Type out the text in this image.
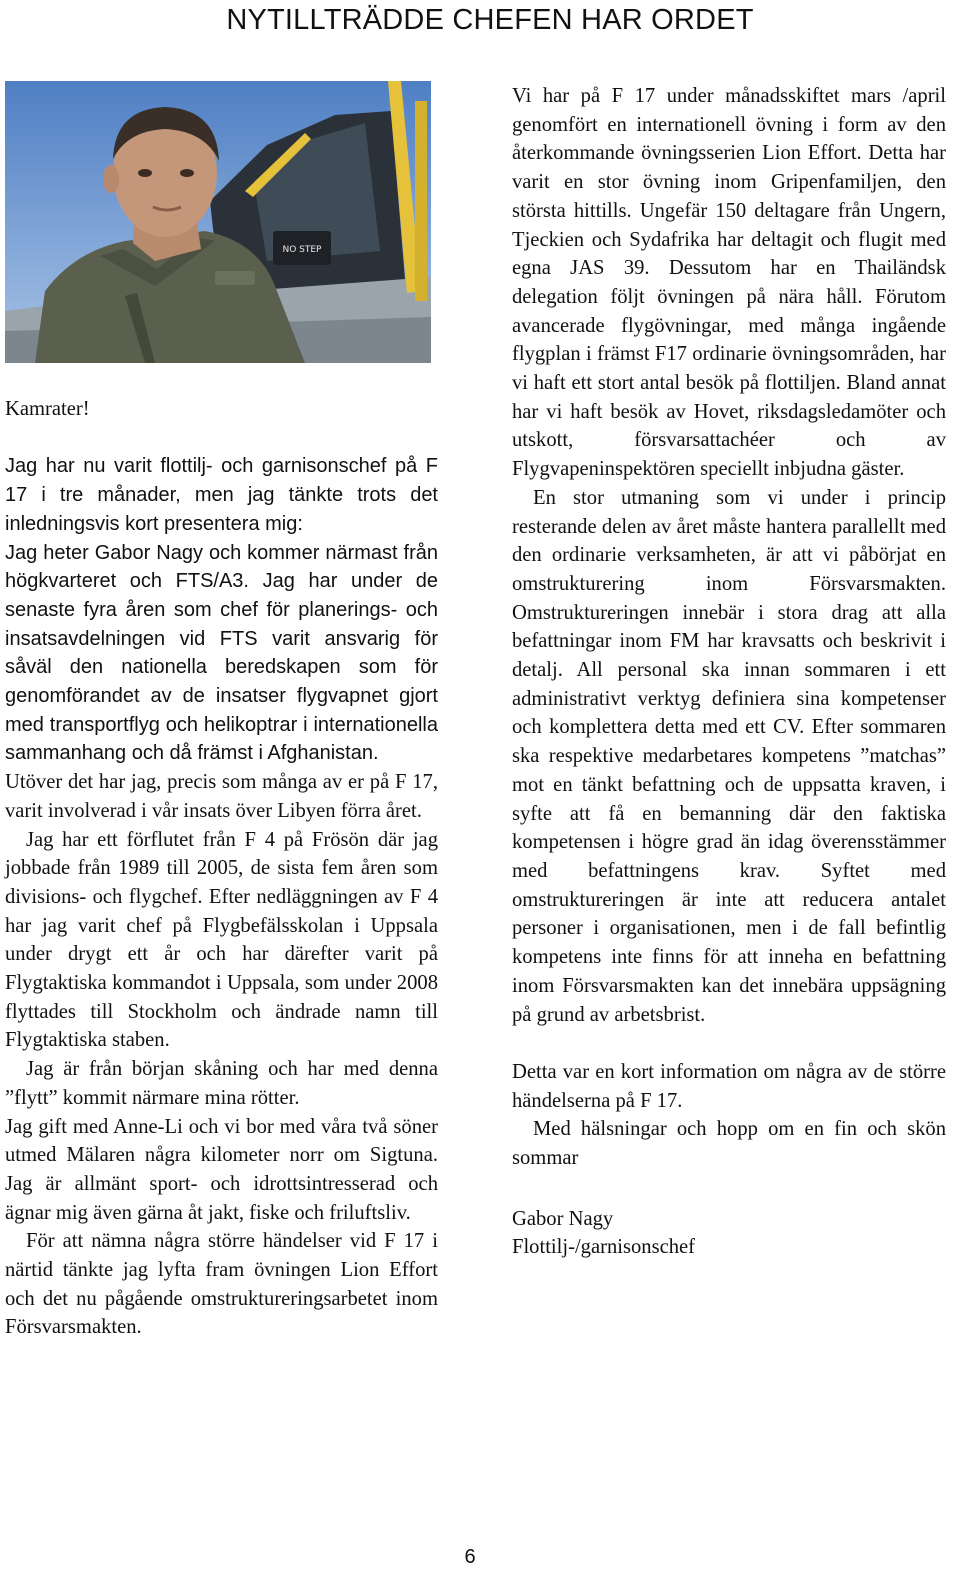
NYTILLTRÄDDE CHEFEN HAR ORDET
NO STEP

Kamrater!

Jag har nu varit flottilj- och garnisonschef på F 17 i tre månader, men jag tänkte trots det inledningsvis kort presentera mig:

Jag heter Gabor Nagy och kommer närmast från högkvarteret och FTS/A3. Jag har under de senaste fyra åren som chef för planerings- och insatsavdelningen vid FTS varit ansvarig för såväl den nationella beredskapen som för genomförandet av de insatser flygvapnet gjort med transportflyg och helikoptrar i internationella sammanhang och då främst i Afghanistan.

Utöver det har jag, precis som många av er på F 17, varit involverad i vår insats över Libyen förra året.

Jag har ett förflutet från F 4 på Frösön där jag jobbade från 1989 till 2005, de sista fem åren som divisions- och flygchef. Efter nedläggningen av F 4 har jag varit chef på Flygbefälsskolan i Uppsala under drygt ett år och har därefter varit på Flygtaktiska kommandot i Uppsala, som under 2008 flyttades till Stockholm och ändrade namn till Flygtaktiska staben.

Jag är från början skåning och har med denna ”flytt” kommit närmare mina rötter.

Jag gift med Anne-Li och vi bor med våra två söner utmed Mälaren några kilometer norr om Sigtuna. Jag är allmänt sport- och idrottsintresserad och ägnar mig även gärna åt jakt, fiske och friluftsliv.

För att nämna några större händelser vid F 17 i närtid tänkte jag lyfta fram övningen Lion Effort och det nu pågående omstruktureringsarbetet inom Försvarsmakten.

Vi har på F 17 under månadsskiftet mars /april genomfört en internationell övning i form av den återkommande övningsserien Lion Effort. Detta har varit en stor övning inom Gripenfamiljen, den största hittills. Ungefär 150 deltagare från Ungern, Tjeckien och Sydafrika har deltagit och flugit med egna JAS 39. Dessutom har en Thailändsk delegation följt övningen på nära håll. Förutom avancerade flygövningar, med många ingående flygplan i främst F17 ordinarie övningsområden, har vi haft ett stort antal besök på flottiljen. Bland annat har vi haft besök av Hovet, riksdagsledamöter och utskott, försvarsattachéer och av Flygvapeninspektören speciellt inbjudna gäster.

En stor utmaning som vi under i princip resterande delen av året måste hantera parallellt med den ordinarie verksamheten, är att vi påbörjat en omstrukturering inom Försvarsmakten. Omstruktureringen innebär i stora drag att alla befattningar inom FM har kravsatts och beskrivit i detalj. All personal ska innan sommaren i ett administrativt verktyg definiera sina kompetenser och komplettera detta med ett CV. Efter sommaren ska respektive medarbetares kompetens ”matchas” mot en tänkt befattning och de uppsatta kraven, i syfte att få en bemanning där den faktiska kompetensen i högre grad än idag överensstämmer med befattningens krav. Syftet med omstruktureringen är inte att reducera antalet personer i organisationen, men i de fall befintlig kompetens inte finns för att inneha en befattning inom Försvarsmakten kan det innebära uppsägning på grund av arbetsbrist.

Detta var en kort information om några av de större händelserna på F 17.

Med hälsningar och hopp om en fin och skön sommar

Gabor Nagy

Flottilj-/garnisonschef

6
